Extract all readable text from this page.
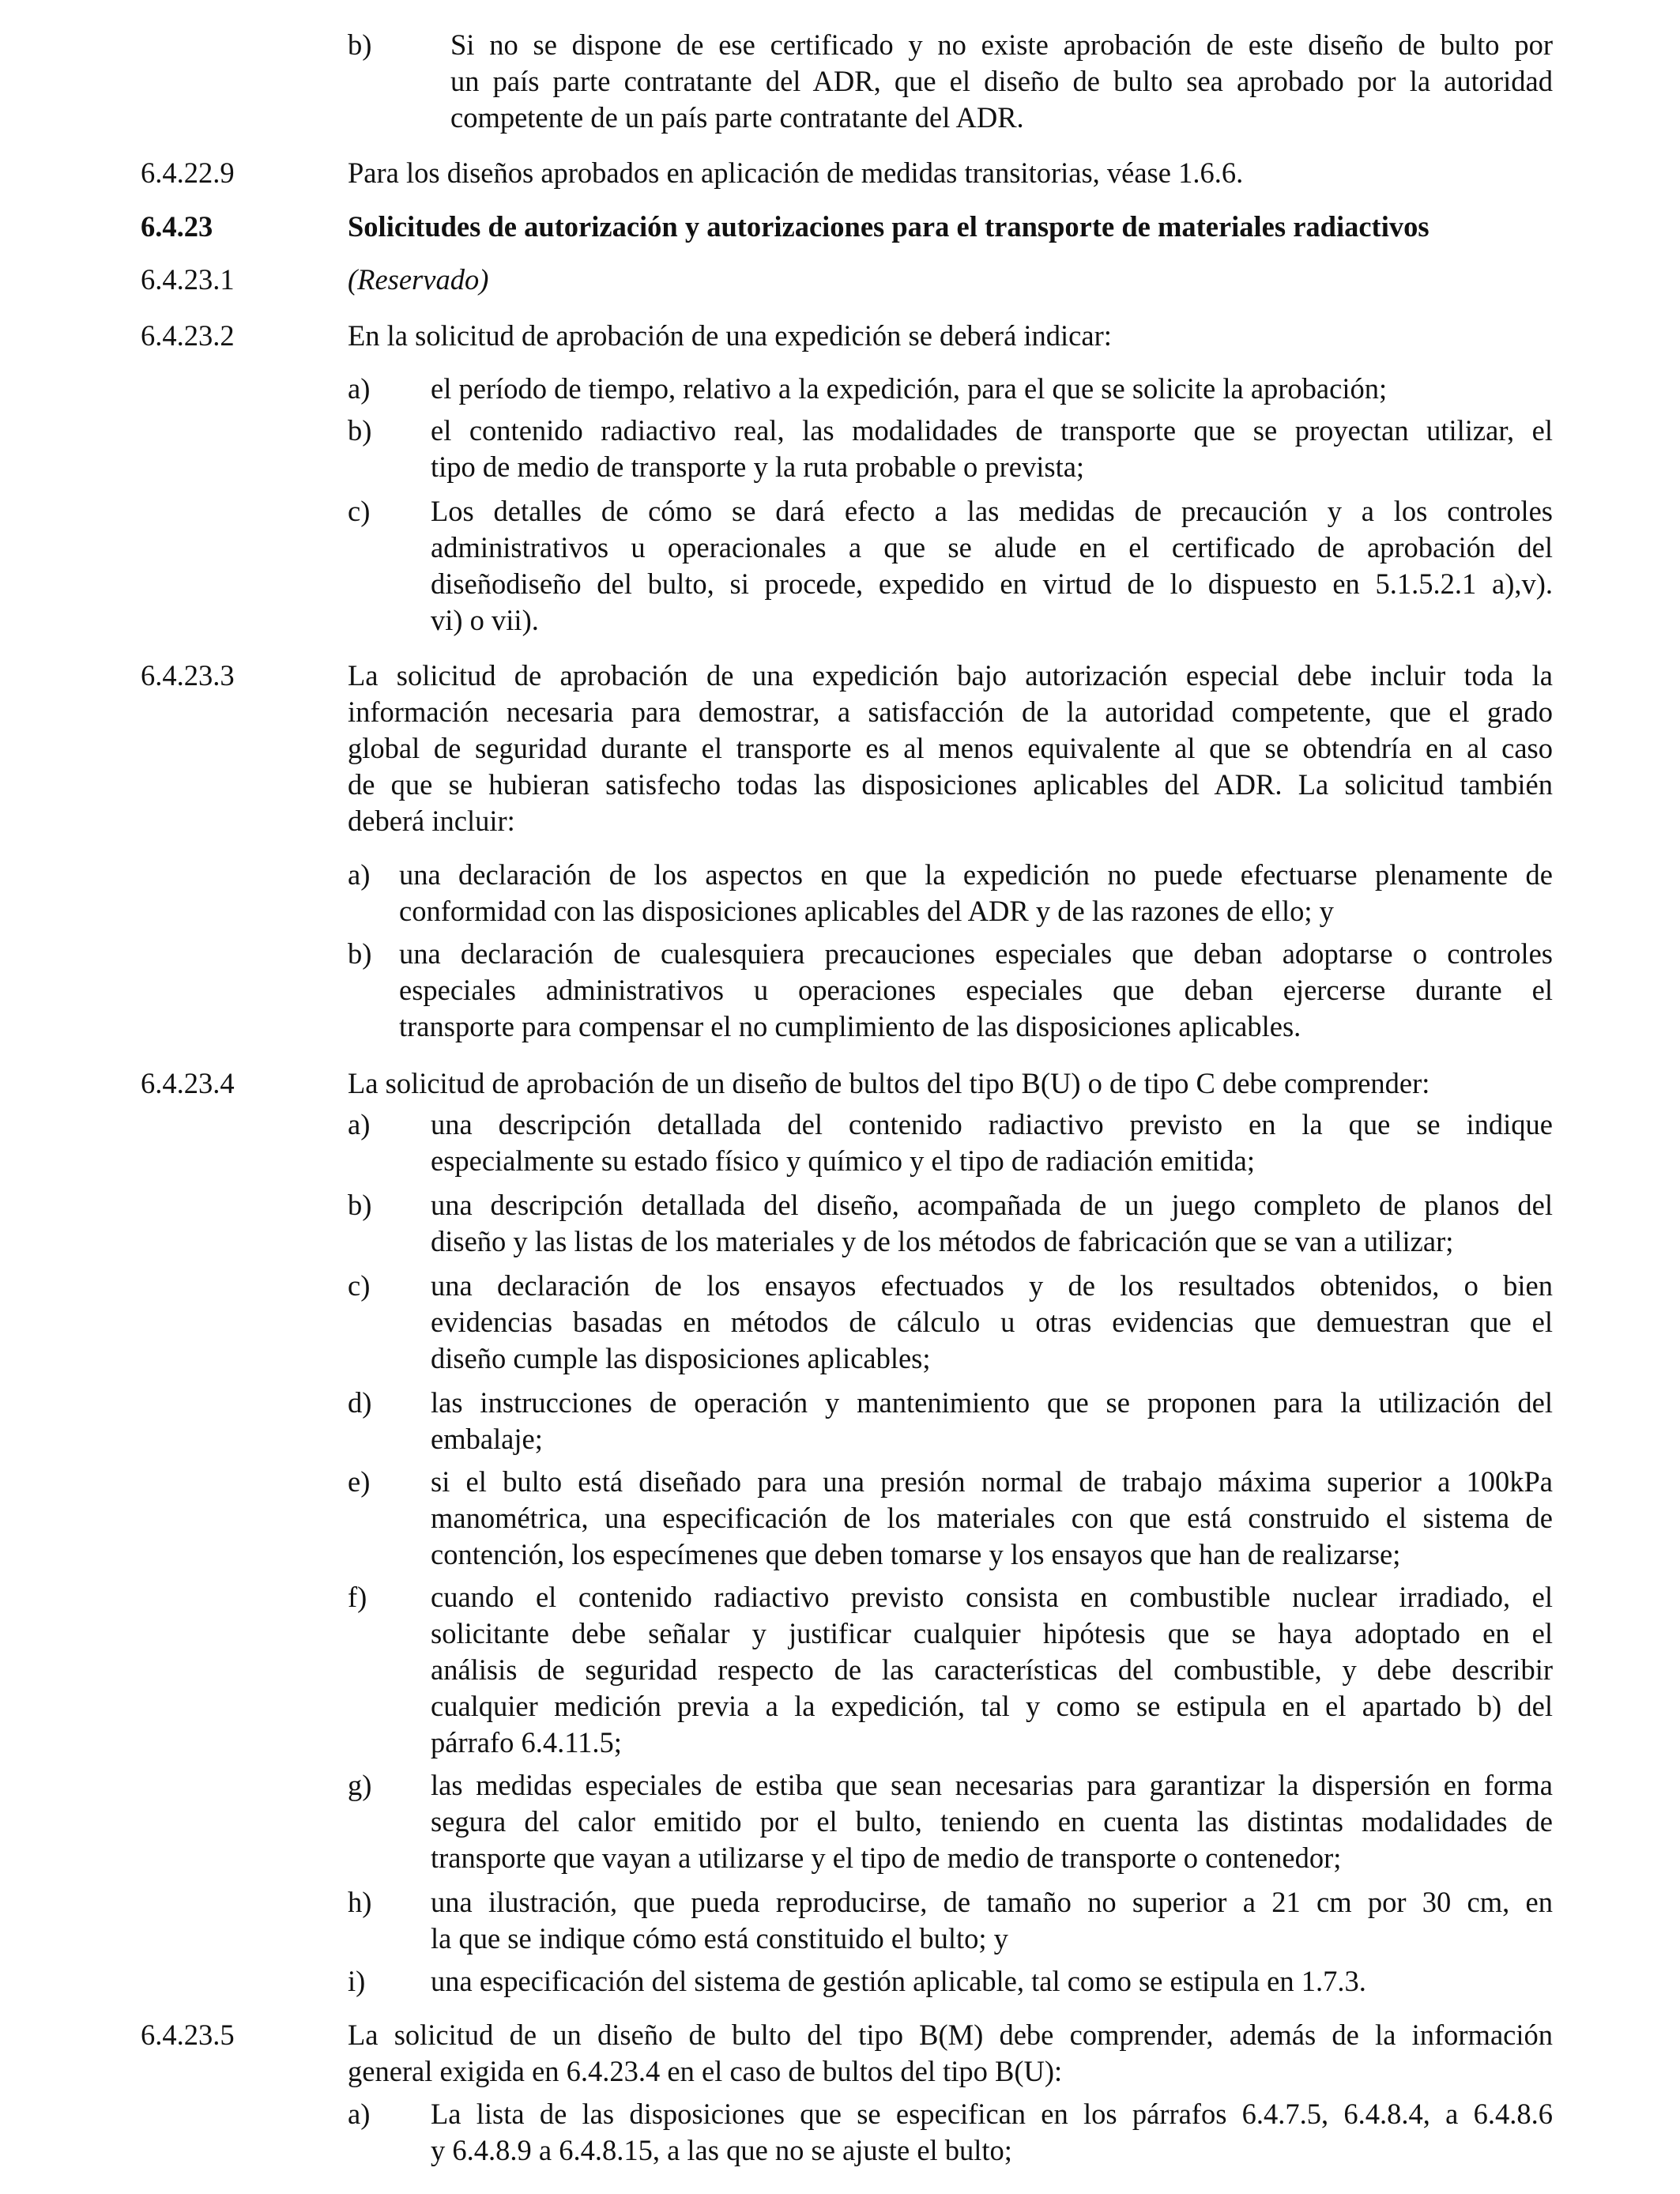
b)	Si no se dispone de ese certificado y no existe aprobación de este diseño de bulto por
un país parte contratante del ADR, que el diseño de bulto sea aprobado por la autoridad
competente de un país parte contratante del ADR.
6.4.22.9	Para los diseños aprobados en aplicación de medidas transitorias, véase 1.6.6.
6.4.23	Solicitudes de autorización y autorizaciones para el transporte de materiales radiactivos
6.4.23.1	(Reservado)
6.4.23.2	En la solicitud de aprobación de una expedición se deberá indicar:
a) el período de tiempo, relativo a la expedición, para el que se solicite la aprobación;
b) el contenido radiactivo real, las modalidades de transporte que se proyectan utilizar, el
tipo de medio de transporte y la ruta probable o prevista;
c) Los detalles de cómo se dará efecto a las medidas de precaución y a los controles
administrativos u operacionales a que se alude en el certificado de aprobación del
diseñodiseño del bulto, si procede, expedido en virtud de lo dispuesto en 5.1.5.2.1 a),v).
vi) o vii).
6.4.23.3	La solicitud de aprobación de una expedición bajo autorización especial debe incluir toda la
información necesaria para demostrar, a satisfacción de la autoridad competente, que el grado
global de seguridad durante el transporte es al menos equivalente al que se obtendría en al caso
de que se hubieran satisfecho todas las disposiciones aplicables del ADR. La solicitud también
deberá incluir:
a) una declaración de los aspectos en que la expedición no puede efectuarse plenamente de
conformidad con las disposiciones aplicables del ADR y de las razones de ello; y
b) una declaración de cualesquiera precauciones especiales que deban adoptarse o controles
especiales administrativos u operaciones especiales que deban ejercerse durante el
transporte para compensar el no cumplimiento de las disposiciones aplicables.
6.4.23.4	La solicitud de aprobación de un diseño de bultos del tipo B(U) o de tipo C debe comprender:
a) una descripción detallada del contenido radiactivo previsto en la que se indique
especialmente su estado físico y químico y el tipo de radiación emitida;
b) una descripción detallada del diseño, acompañada de un juego completo de planos del
diseño y las listas de los materiales y de los métodos de fabricación que se van a utilizar;
c) una declaración de los ensayos efectuados y de los resultados obtenidos, o bien
evidencias basadas en métodos de cálculo u otras evidencias que demuestran que el
diseño cumple las disposiciones aplicables;
d) las instrucciones de operación y mantenimiento que se proponen para la utilización del
embalaje;
e) si el bulto está diseñado para una presión normal de trabajo máxima superior a 100kPa
manométrica, una especificación de los materiales con que está construido el sistema de
contención, los especímenes que deben tomarse y los ensayos que han de realizarse;
f) cuando el contenido radiactivo previsto consista en combustible nuclear irradiado, el
solicitante debe señalar y justificar cualquier hipótesis que se haya adoptado en el
análisis de seguridad respecto de las características del combustible, y debe describir
cualquier medición previa a la expedición, tal y como se estipula en el apartado b) del
párrafo 6.4.11.5;
g) las medidas especiales de estiba que sean necesarias para garantizar la dispersión en forma
segura del calor emitido por el bulto, teniendo en cuenta las distintas modalidades de
transporte que vayan a utilizarse y el tipo de medio de transporte o contenedor;
h) una ilustración, que pueda reproducirse, de tamaño no superior a 21 cm por 30 cm, en
la que se indique cómo está constituido el bulto; y
i) una especificación del sistema de gestión aplicable, tal como se estipula en 1.7.3.
6.4.23.5	La solicitud de un diseño de bulto del tipo B(M) debe comprender, además de la información
general exigida en 6.4.23.4 en el caso de bultos del tipo B(U):
a) La lista de las disposiciones que se especifican en los párrafos 6.4.7.5, 6.4.8.4, a 6.4.8.6
y 6.4.8.9 a 6.4.8.15, a las que no se ajuste el bulto;
